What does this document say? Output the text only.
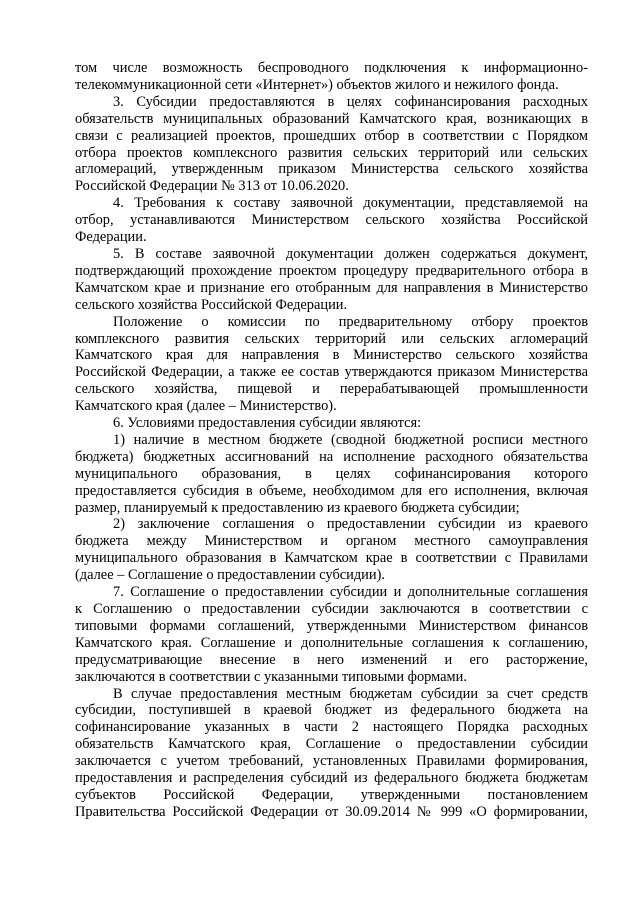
том числе возможность беспроводного подключения к информационно-

телекоммуникационной сети «Интернет») объектов жилого и нежилого фонда.

3. Субсидии предоставляются в целях софинансирования расходных

обязательств муниципальных образований Камчатского края, возникающих в

связи с реализацией проектов, прошедших отбор в соответствии с Порядком

отбора проектов комплексного развития сельских территорий или сельских

агломераций, утвержденным приказом Министерства сельского хозяйства

Российской Федерации № 313 от 10.06.2020.

4. Требования к составу заявочной документации, представляемой на

отбор, устанавливаются Министерством сельского хозяйства Российской

Федерации.

5. В составе заявочной документации должен содержаться документ,

подтверждающий прохождение проектом процедуру предварительного отбора в

Камчатском крае и признание его отобранным для направления в Министерство

сельского хозяйства Российской Федерации.

Положение о комиссии по предварительному отбору проектов

комплексного развития сельских территорий или сельских агломераций

Камчатского края для направления в Министерство сельского хозяйства

Российской Федерации, а также ее состав утверждаются приказом Министерства

сельского хозяйства, пищевой и перерабатывающей промышленности

Камчатского края (далее – Министерство).

6. Условиями предоставления субсидии являются:

1) наличие в местном бюджете (сводной бюджетной росписи местного

бюджета) бюджетных ассигнований на исполнение расходного обязательства

муниципального образования, в целях софинансирования которого

предоставляется субсидия в объеме, необходимом для его исполнения, включая

размер, планируемый к предоставлению из краевого бюджета субсидии;

2) заключение соглашения о предоставлении субсидии из краевого

бюджета между Министерством и органом местного самоуправления

муниципального образования в Камчатском крае в соответствии с Правилами

(далее – Соглашение о предоставлении субсидии).

7. Соглашение о предоставлении субсидии и дополнительные соглашения

к Соглашению о предоставлении субсидии заключаются в соответствии с

типовыми формами соглашений, утвержденными Министерством финансов

Камчатского края. Соглашение и дополнительные соглашения к соглашению,

предусматривающие внесение в него изменений и его расторжение,

заключаются в соответствии с указанными типовыми формами.

В случае предоставления местным бюджетам субсидии за счет средств

субсидии, поступившей в краевой бюджет из федерального бюджета на

софинансирование указанных в части 2 настоящего Порядка расходных

обязательств Камчатского края, Соглашение о предоставлении субсидии

заключается с учетом требований, установленных Правилами формирования,

предоставления и распределения субсидий из федерального бюджета бюджетам

субъектов Российской Федерации, утвержденными постановлением

Правительства Российской Федерации от 30.09.2014 № 999 «О формировании,
